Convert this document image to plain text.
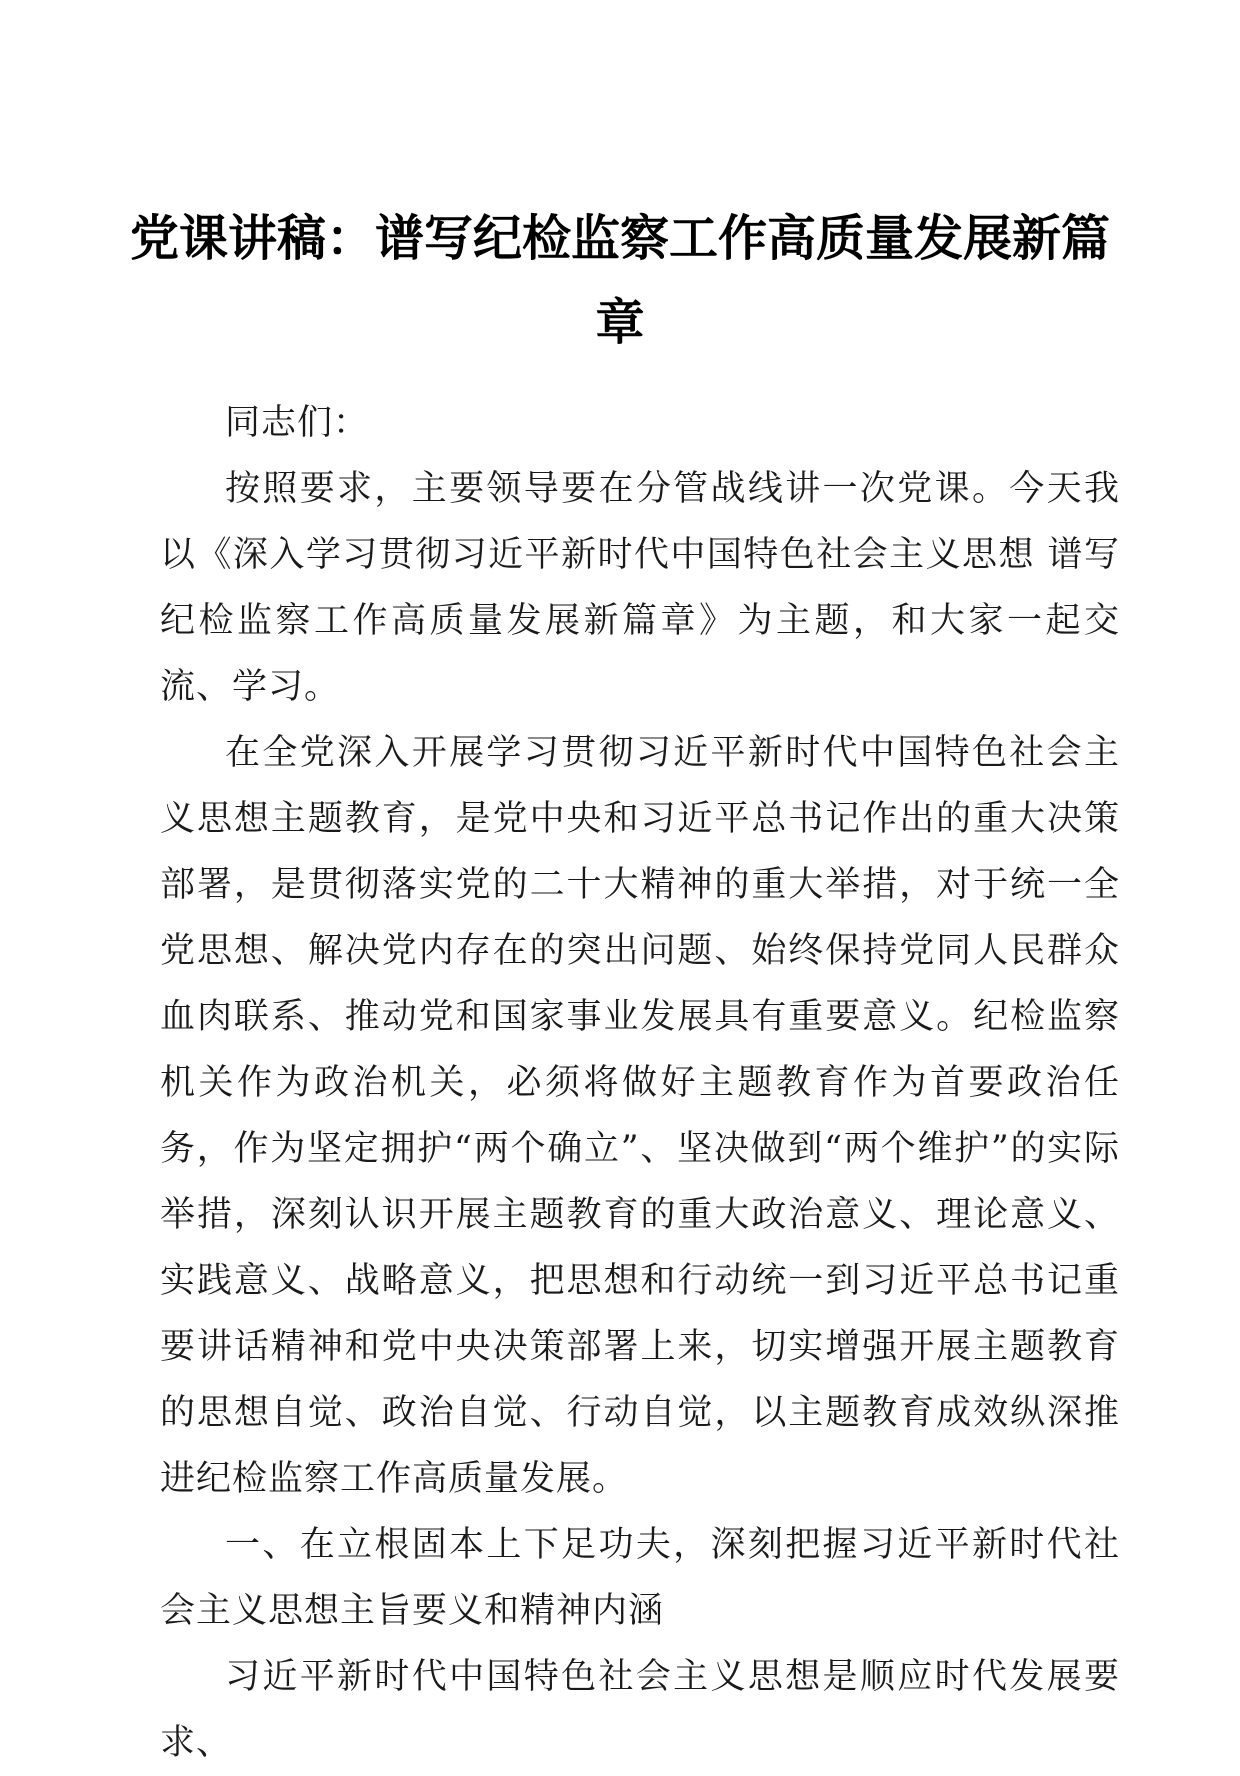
党课讲稿：谱写纪检监察工作高质量发展新篇章

同志们：

按照要求，主要领导要在分管战线讲一次党课。今天我以《深入学习贯彻习近平新时代中国特色社会主义思想 谱写纪检监察工作高质量发展新篇章》为主题，和大家一起交流、学习。

在全党深入开展学习贯彻习近平新时代中国特色社会主义思想主题教育，是党中央和习近平总书记作出的重大决策部署，是贯彻落实党的二十大精神的重大举措，对于统一全党思想、解决党内存在的突出问题、始终保持党同人民群众血肉联系、推动党和国家事业发展具有重要意义。纪检监察机关作为政治机关，必须将做好主题教育作为首要政治任务，作为坚定拥护“两个确立”、坚决做到“两个维护”的实际举措，深刻认识开展主题教育的重大政治意义、理论意义、实践意义、战略意义，把思想和行动统一到习近平总书记重要讲话精神和党中央决策部署上来，切实增强开展主题教育的思想自觉、政治自觉、行动自觉，以主题教育成效纵深推进纪检监察工作高质量发展。

一、在立根固本上下足功夫，深刻把握习近平新时代社会主义思想主旨要义和精神内涵

习近平新时代中国特色社会主义思想是顺应时代发展要求、
